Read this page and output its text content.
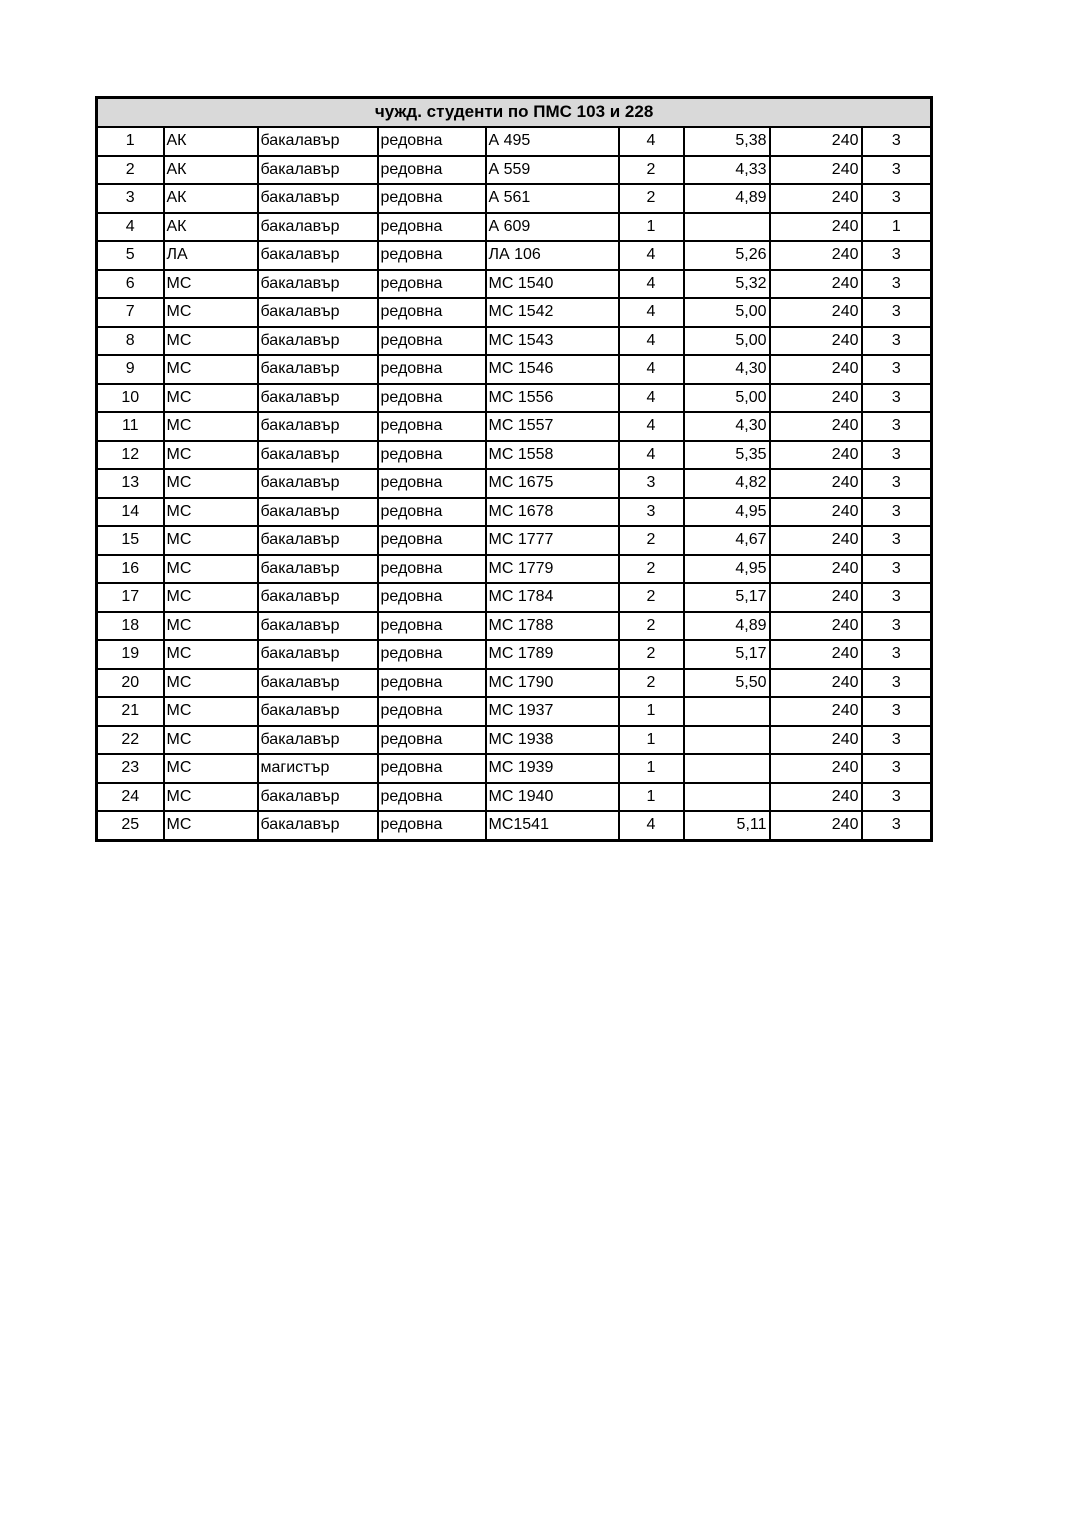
чужд. студенти по ПМС 103 и 228								
1	АК	бакалавър	редовна	А 495	4	5,38	240	3
2	АК	бакалавър	редовна	А 559	2	4,33	240	3
3	АК	бакалавър	редовна	А 561	2	4,89	240	3
4	АК	бакалавър	редовна	А 609	1		240	1
5	ЛА	бакалавър	редовна	ЛА 106	4	5,26	240	3
6	МС	бакалавър	редовна	МС 1540	4	5,32	240	3
7	МС	бакалавър	редовна	МС 1542	4	5,00	240	3
8	МС	бакалавър	редовна	МС 1543	4	5,00	240	3
9	МС	бакалавър	редовна	МС 1546	4	4,30	240	3
10	МС	бакалавър	редовна	МС 1556	4	5,00	240	3
11	МС	бакалавър	редовна	МС 1557	4	4,30	240	3
12	МС	бакалавър	редовна	МС 1558	4	5,35	240	3
13	МС	бакалавър	редовна	МС 1675	3	4,82	240	3
14	МС	бакалавър	редовна	МС 1678	3	4,95	240	3
15	МС	бакалавър	редовна	МС 1777	2	4,67	240	3
16	МС	бакалавър	редовна	МС 1779	2	4,95	240	3
17	МС	бакалавър	редовна	МС 1784	2	5,17	240	3
18	МС	бакалавър	редовна	МС 1788	2	4,89	240	3
19	МС	бакалавър	редовна	МС 1789	2	5,17	240	3
20	МС	бакалавър	редовна	МС 1790	2	5,50	240	3
21	МС	бакалавър	редовна	МС 1937	1		240	3
22	МС	бакалавър	редовна	МС 1938	1		240	3
23	МС	магистър	редовна	МС 1939	1		240	3
24	МС	бакалавър	редовна	МС 1940	1		240	3
25	МС	бакалавър	редовна	МС1541	4	5,11	240	3
